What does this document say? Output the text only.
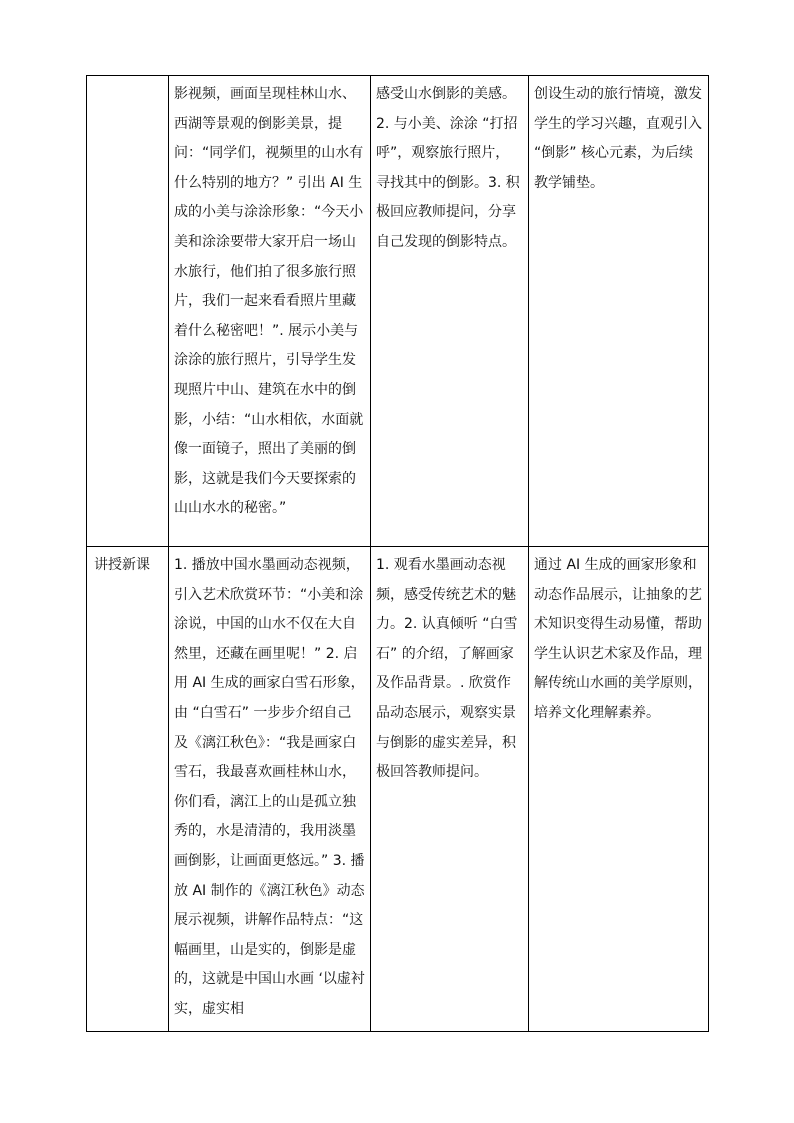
	影视频，画面呈现桂林山水、西湖等景观的倒影美景，提问：“同学们，视频里的山水有什么特别的地方？” 引出 AI 生成的小美与涂涂形象：“今天小美和涂涂要带大家开启一场山水旅行，他们拍了很多旅行照片，我们一起来看看照片里藏着什么秘密吧！”. 展示小美与涂涂的旅行照片，引导学生发现照片中山、建筑在水中的倒影，小结：“山水相依，水面就像一面镜子，照出了美丽的倒影，这就是我们今天要探索的山山水水的秘密。”	感受山水倒影的美感。2. 与小美、涂涂 “打招呼”，观察旅行照片，寻找其中的倒影。3. 积极回应教师提问，分享自己发现的倒影特点。	创设生动的旅行情境，激发学生的学习兴趣，直观引入 “倒影” 核心元素，为后续教学铺垫。

讲授新课	1. 播放中国水墨画动态视频，引入艺术欣赏环节：“小美和涂涂说，中国的山水不仅在大自然里，还藏在画里呢！” 2. 启用 AI 生成的画家白雪石形象，由 “白雪石” 一步步介绍自己及《漓江秋色》：“我是画家白雪石，我最喜欢画桂林山水，你们看，漓江上的山是孤立独秀的，水是清清的，我用淡墨画倒影，让画面更悠远。” 3. 播放 AI 制作的《漓江秋色》动态展示视频，讲解作品特点：“这幅画里，山是实的，倒影是虚的，这就是中国山水画 ‘以虚衬实，虚实相	1. 观看水墨画动态视频，感受传统艺术的魅力。2. 认真倾听 “白雪石” 的介绍，了解画家及作品背景。. 欣赏作品动态展示，观察实景与倒影的虚实差异，积极回答教师提问。	通过 AI 生成的画家形象和动态作品展示，让抽象的艺术知识变得生动易懂，帮助学生认识艺术家及作品，理解传统山水画的美学原则，培养文化理解素养。
